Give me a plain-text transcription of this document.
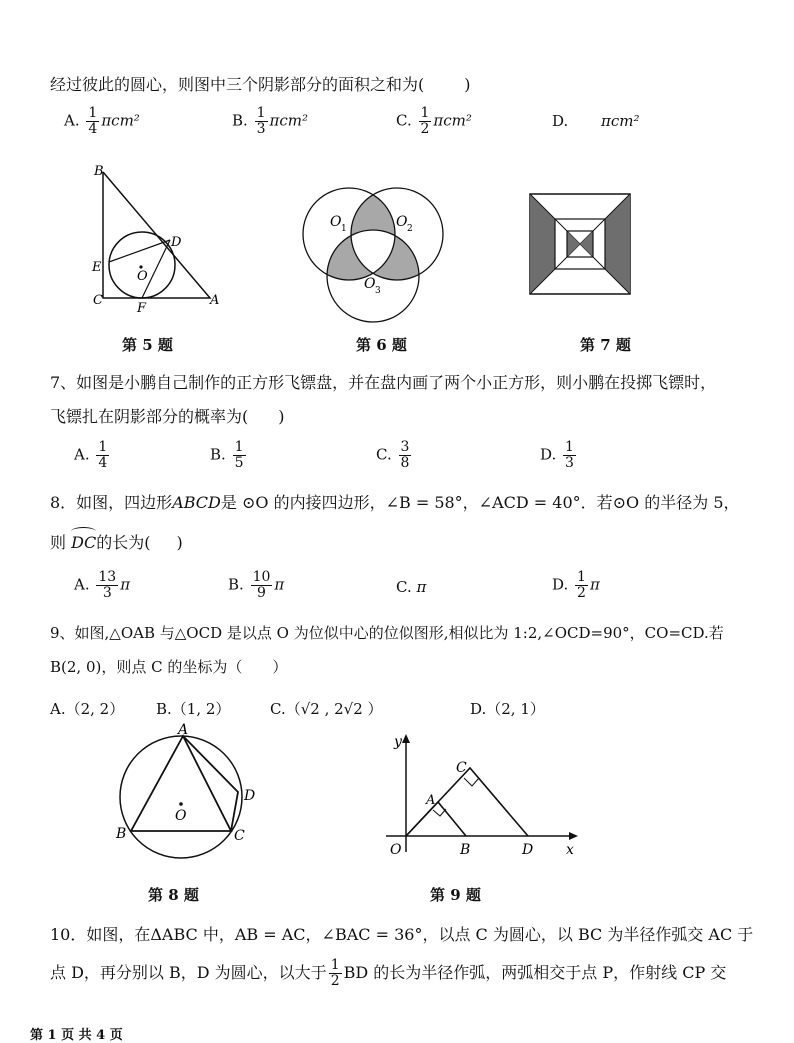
经过彼此的圆心，则图中三个阴影部分的面积之和为(	)
A. $\frac{1}{4} \pi cm^2$	B. $\frac{1}{3} \pi cm^2$	C. $\frac{1}{2} \pi cm^2$	D. πcm²
B
E
C
F
A
D
O
第 5 题
O 1	O 2
O 3
第 6 题	第 7 题
7、如图是小鹏自己制作的正方形飞镖盘，并在盘内画了两个小正方形，则小鹏在投掷飞镖时，
飞镖扎在阴影部分的概率为( )
A. $\frac{1}{4}$	B. $\frac{1}{5}$	C. $\frac{3}{8}$	D. $\frac{1}{3}$
8．如图，四边形ABCD是 ⊙O 的内接四边形，∠B = 58°，∠ACD = 40°．若⊙O 的半径为 5，
则 DC的长为( )
A. $\frac{13}{3}$ π	B. $\frac{10}{9}$ π	C. π	D. $\frac{1}{2}$ π
9、如图,△OAB 与△OCD 是以点 O 为位似中心的位似图形,相似比为 1:2,∠OCD=90°，CO=CD.若
B(2, 0)，则点 C 的坐标为（　　）
A.（2, 2） B.（1, 2）	C.（√2 , 2√2 ）	D.（2, 1）
A
B	C
D
O
第 8 题
y
x
O
A
B
C
D
第 9 题
10．如图，在ΔABC 中，AB = AC，∠BAC = 36°，以点 C 为圆心，以 BC 为半径作弧交 AC 于
点 D，再分别以 B，D 为圆心，以大于 $\frac{1}{2}$ BD 的长为半径作弧，两弧相交于点 P，作射线 CP 交
第 1 页 共 4 页
